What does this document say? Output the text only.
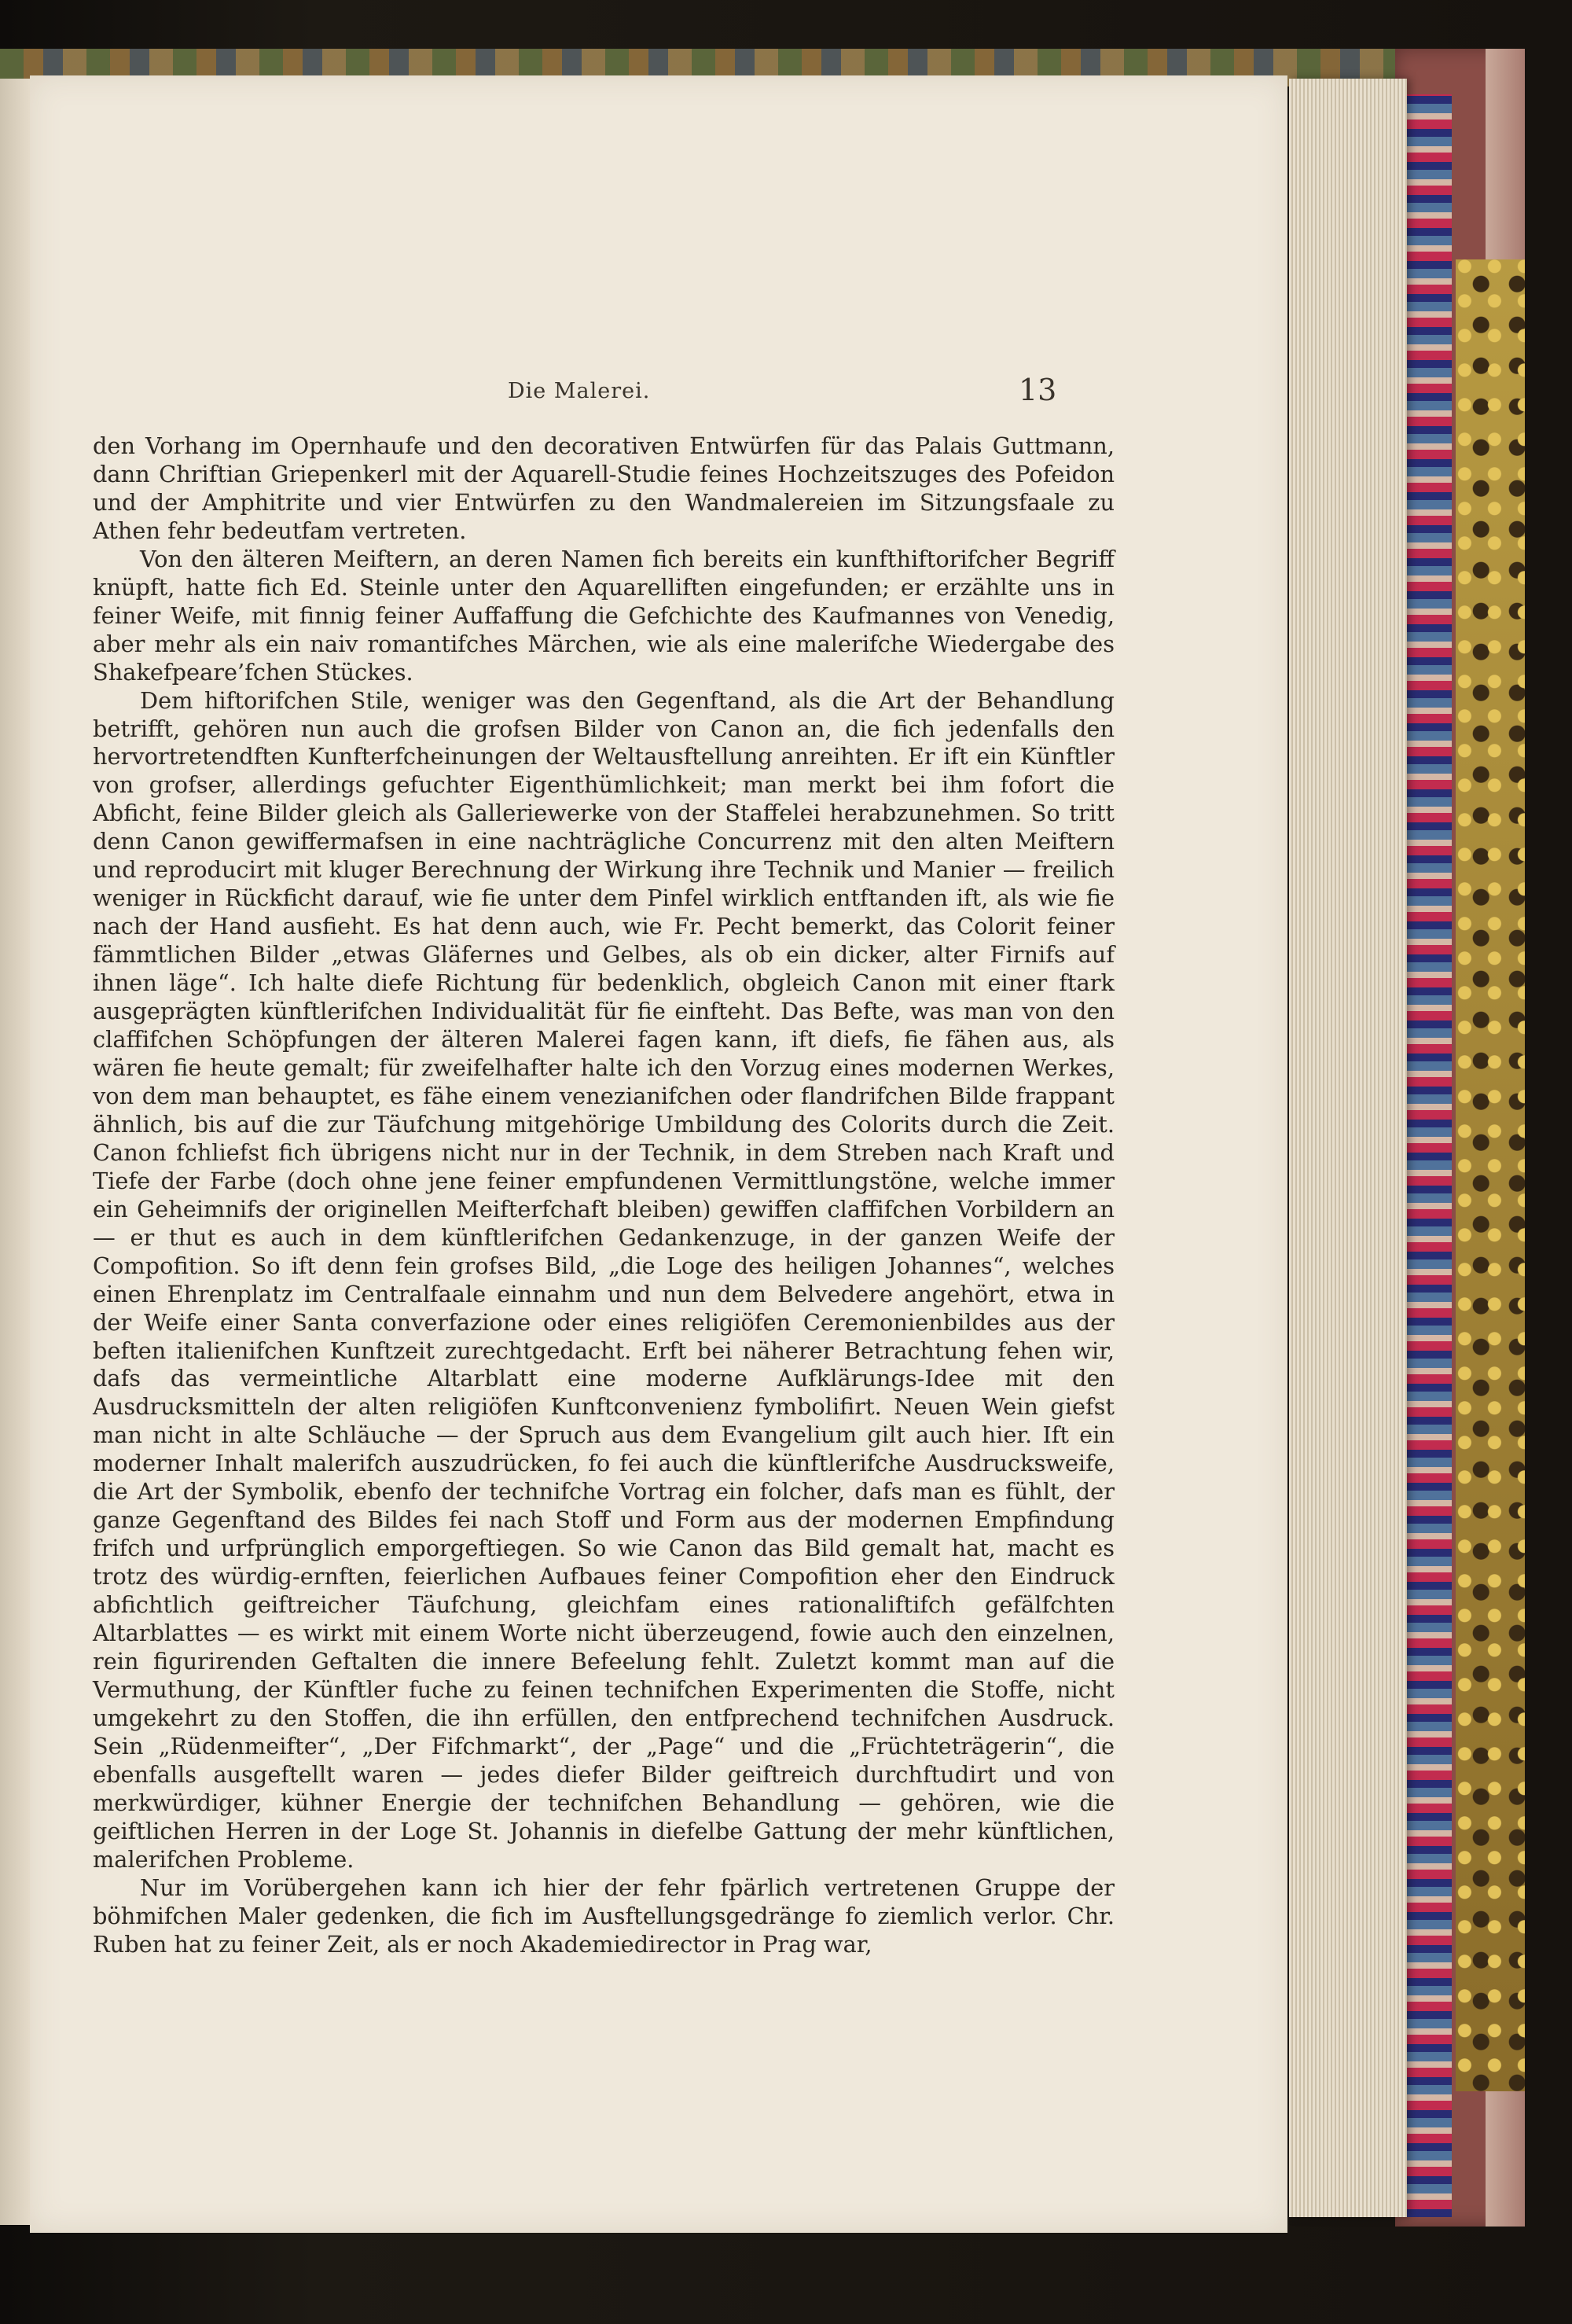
Die Malerei.	13

den Vorhang im Opernhaufe und den decorativen Entwürfen für das Palais Guttmann, dann Chriftian Griepenkerl mit der Aquarell-Studie feines Hochzeitszuges des Pofeidon und der Amphitrite und vier Entwürfen zu den Wandmalereien im Sitzungsfaale zu Athen fehr bedeutfam vertreten.

Von den älteren Meiftern, an deren Namen fich bereits ein kunfthiftorifcher Begriff knüpft, hatte fich Ed. Steinle unter den Aquarelliften eingefunden; er erzählte uns in feiner Weife, mit finnig feiner Auffaffung die Gefchichte des Kaufmannes von Venedig, aber mehr als ein naiv romantifches Märchen, wie als eine malerifche Wiedergabe des Shakefpeare’fchen Stückes.

Dem hiftorifchen Stile, weniger was den Gegenftand, als die Art der Behandlung betrifft, gehören nun auch die grofsen Bilder von Canon an, die fich jedenfalls den hervortretendften Kunfterfcheinungen der Weltausftellung anreihten. Er ift ein Künftler von grofser, allerdings gefuchter Eigenthümlichkeit; man merkt bei ihm fofort die Abficht, feine Bilder gleich als Galleriewerke von der Staffelei herabzunehmen. So tritt denn Canon gewiffermafsen in eine nachträgliche Concurrenz mit den alten Meiftern und reproducirt mit kluger Berechnung der Wirkung ihre Technik und Manier — freilich weniger in Rückficht darauf, wie fie unter dem Pinfel wirklich entftanden ift, als wie fie nach der Hand ausfieht. Es hat denn auch, wie Fr. Pecht bemerkt, das Colorit feiner fämmtlichen Bilder „etwas Gläfernes und Gelbes, als ob ein dicker, alter Firnifs auf ihnen läge“. Ich halte diefe Richtung für bedenklich, obgleich Canon mit einer ftark ausgeprägten künftlerifchen Individualität für fie einfteht. Das Befte, was man von den claffifchen Schöpfungen der älteren Malerei fagen kann, ift diefs, fie fähen aus, als wären fie heute gemalt; für zweifelhafter halte ich den Vorzug eines modernen Werkes, von dem man behauptet, es fähe einem venezianifchen oder flandrifchen Bilde frappant ähnlich, bis auf die zur Täufchung mitgehörige Umbildung des Colorits durch die Zeit. Canon fchliefst fich übrigens nicht nur in der Technik, in dem Streben nach Kraft und Tiefe der Farbe (doch ohne jene feiner empfundenen Vermittlungstöne, welche immer ein Geheimnifs der originellen Meifterfchaft bleiben) gewiffen claffifchen Vorbildern an — er thut es auch in dem künftlerifchen Gedankenzuge, in der ganzen Weife der Compofition. So ift denn fein grofses Bild, „die Loge des heiligen Johannes“, welches einen Ehrenplatz im Centralfaale einnahm und nun dem Belvedere angehört, etwa in der Weife einer Santa converfazione oder eines religiöfen Ceremonienbildes aus der beften italienifchen Kunftzeit zurechtgedacht. Erft bei näherer Betrachtung fehen wir, dafs das vermeintliche Altarblatt eine moderne Aufklärungs-Idee mit den Ausdrucksmitteln der alten religiöfen Kunftconvenienz fymbolifirt. Neuen Wein giefst man nicht in alte Schläuche — der Spruch aus dem Evangelium gilt auch hier. Ift ein moderner Inhalt malerifch auszudrücken, fo fei auch die künftlerifche Ausdrucksweife, die Art der Symbolik, ebenfo der technifche Vortrag ein folcher, dafs man es fühlt, der ganze Gegenftand des Bildes fei nach Stoff und Form aus der modernen Empfindung frifch und urfprünglich emporgeftiegen. So wie Canon das Bild gemalt hat, macht es trotz des würdig-ernften, feierlichen Aufbaues feiner Compofition eher den Eindruck abfichtlich geiftreicher Täufchung, gleichfam eines rationaliftifch gefälfchten Altarblattes — es wirkt mit einem Worte nicht überzeugend, fowie auch den einzelnen, rein figurirenden Geftalten die innere Befeelung fehlt. Zuletzt kommt man auf die Vermuthung, der Künftler fuche zu feinen technifchen Experimenten die Stoffe, nicht umgekehrt zu den Stoffen, die ihn erfüllen, den entfprechend technifchen Ausdruck. Sein „Rüdenmeifter“, „Der Fifchmarkt“, der „Page“ und die „Früchteträgerin“, die ebenfalls ausgeftellt waren — jedes diefer Bilder geiftreich durchftudirt und von merkwürdiger, kühner Energie der technifchen Behandlung — gehören, wie die geiftlichen Herren in der Loge St. Johannis in diefelbe Gattung der mehr künftlichen, malerifchen Probleme.

Nur im Vorübergehen kann ich hier der fehr fpärlich vertretenen Gruppe der böhmifchen Maler gedenken, die fich im Ausftellungsgedränge fo ziemlich verlor. Chr. Ruben hat zu feiner Zeit, als er noch Akademiedirector in Prag war,
